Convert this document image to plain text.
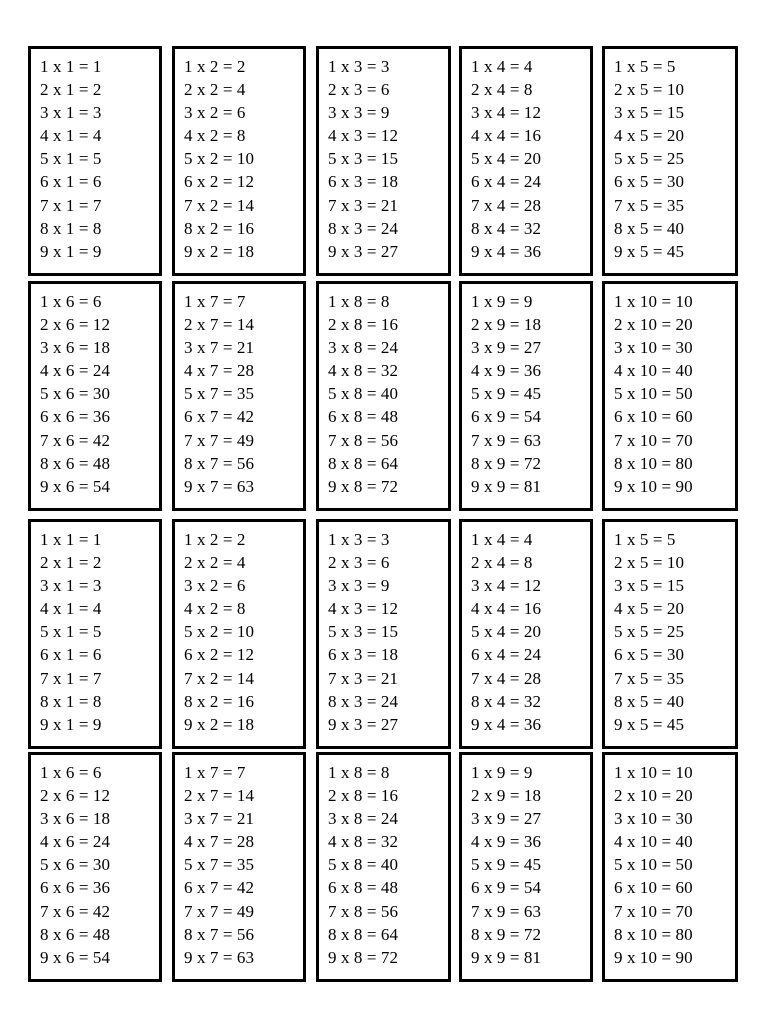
1 x 1 = 1
2 x 1 = 2
3 x 1 = 3
4 x 1 = 4
5 x 1 = 5
6 x 1 = 6
7 x 1 = 7
8 x 1 = 8
9 x 1 = 9
1 x 2 = 2
2 x 2 = 4
3 x 2 = 6
4 x 2 = 8
5 x 2 = 10
6 x 2 = 12
7 x 2 = 14
8 x 2 = 16
9 x 2 = 18
1 x 3 = 3
2 x 3 = 6
3 x 3 = 9
4 x 3 = 12
5 x 3 = 15
6 x 3 = 18
7 x 3 = 21
8 x 3 = 24
9 x 3 = 27
1 x 4 = 4
2 x 4 = 8
3 x 4 = 12
4 x 4 = 16
5 x 4 = 20
6 x 4 = 24
7 x 4 = 28
8 x 4 = 32
9 x 4 = 36
1 x 5 = 5
2 x 5 = 10
3 x 5 = 15
4 x 5 = 20
5 x 5 = 25
6 x 5 = 30
7 x 5 = 35
8 x 5 = 40
9 x 5 = 45
1 x 6 = 6
2 x 6 = 12
3 x 6 = 18
4 x 6 = 24
5 x 6 = 30
6 x 6 = 36
7 x 6 = 42
8 x 6 = 48
9 x 6 = 54
1 x 7 = 7
2 x 7 = 14
3 x 7 = 21
4 x 7 = 28
5 x 7 = 35
6 x 7 = 42
7 x 7 = 49
8 x 7 = 56
9 x 7 = 63
1 x 8 = 8
2 x 8 = 16
3 x 8 = 24
4 x 8 = 32
5 x 8 = 40
6 x 8 = 48
7 x 8 = 56
8 x 8 = 64
9 x 8 = 72
1 x 9 = 9
2 x 9 = 18
3 x 9 = 27
4 x 9 = 36
5 x 9 = 45
6 x 9 = 54
7 x 9 = 63
8 x 9 = 72
9 x 9 = 81
1 x 10 = 10
2 x 10 = 20
3 x 10 = 30
4 x 10 = 40
5 x 10 = 50
6 x 10 = 60
7 x 10 = 70
8 x 10 = 80
9 x 10 = 90
1 x 1 = 1
2 x 1 = 2
3 x 1 = 3
4 x 1 = 4
5 x 1 = 5
6 x 1 = 6
7 x 1 = 7
8 x 1 = 8
9 x 1 = 9
1 x 2 = 2
2 x 2 = 4
3 x 2 = 6
4 x 2 = 8
5 x 2 = 10
6 x 2 = 12
7 x 2 = 14
8 x 2 = 16
9 x 2 = 18
1 x 3 = 3
2 x 3 = 6
3 x 3 = 9
4 x 3 = 12
5 x 3 = 15
6 x 3 = 18
7 x 3 = 21
8 x 3 = 24
9 x 3 = 27
1 x 4 = 4
2 x 4 = 8
3 x 4 = 12
4 x 4 = 16
5 x 4 = 20
6 x 4 = 24
7 x 4 = 28
8 x 4 = 32
9 x 4 = 36
1 x 5 = 5
2 x 5 = 10
3 x 5 = 15
4 x 5 = 20
5 x 5 = 25
6 x 5 = 30
7 x 5 = 35
8 x 5 = 40
9 x 5 = 45
1 x 6 = 6
2 x 6 = 12
3 x 6 = 18
4 x 6 = 24
5 x 6 = 30
6 x 6 = 36
7 x 6 = 42
8 x 6 = 48
9 x 6 = 54
1 x 7 = 7
2 x 7 = 14
3 x 7 = 21
4 x 7 = 28
5 x 7 = 35
6 x 7 = 42
7 x 7 = 49
8 x 7 = 56
9 x 7 = 63
1 x 8 = 8
2 x 8 = 16
3 x 8 = 24
4 x 8 = 32
5 x 8 = 40
6 x 8 = 48
7 x 8 = 56
8 x 8 = 64
9 x 8 = 72
1 x 9 = 9
2 x 9 = 18
3 x 9 = 27
4 x 9 = 36
5 x 9 = 45
6 x 9 = 54
7 x 9 = 63
8 x 9 = 72
9 x 9 = 81
1 x 10 = 10
2 x 10 = 20
3 x 10 = 30
4 x 10 = 40
5 x 10 = 50
6 x 10 = 60
7 x 10 = 70
8 x 10 = 80
9 x 10 = 90
